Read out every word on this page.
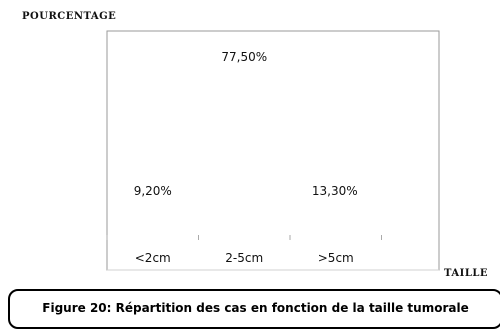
POURCENTAGE
9,20%
77,50%
13,30%
<2cm	2-5cm	>5cm
TAILLE
Figure 20: Répartition des cas en fonction de la taille tumorale
